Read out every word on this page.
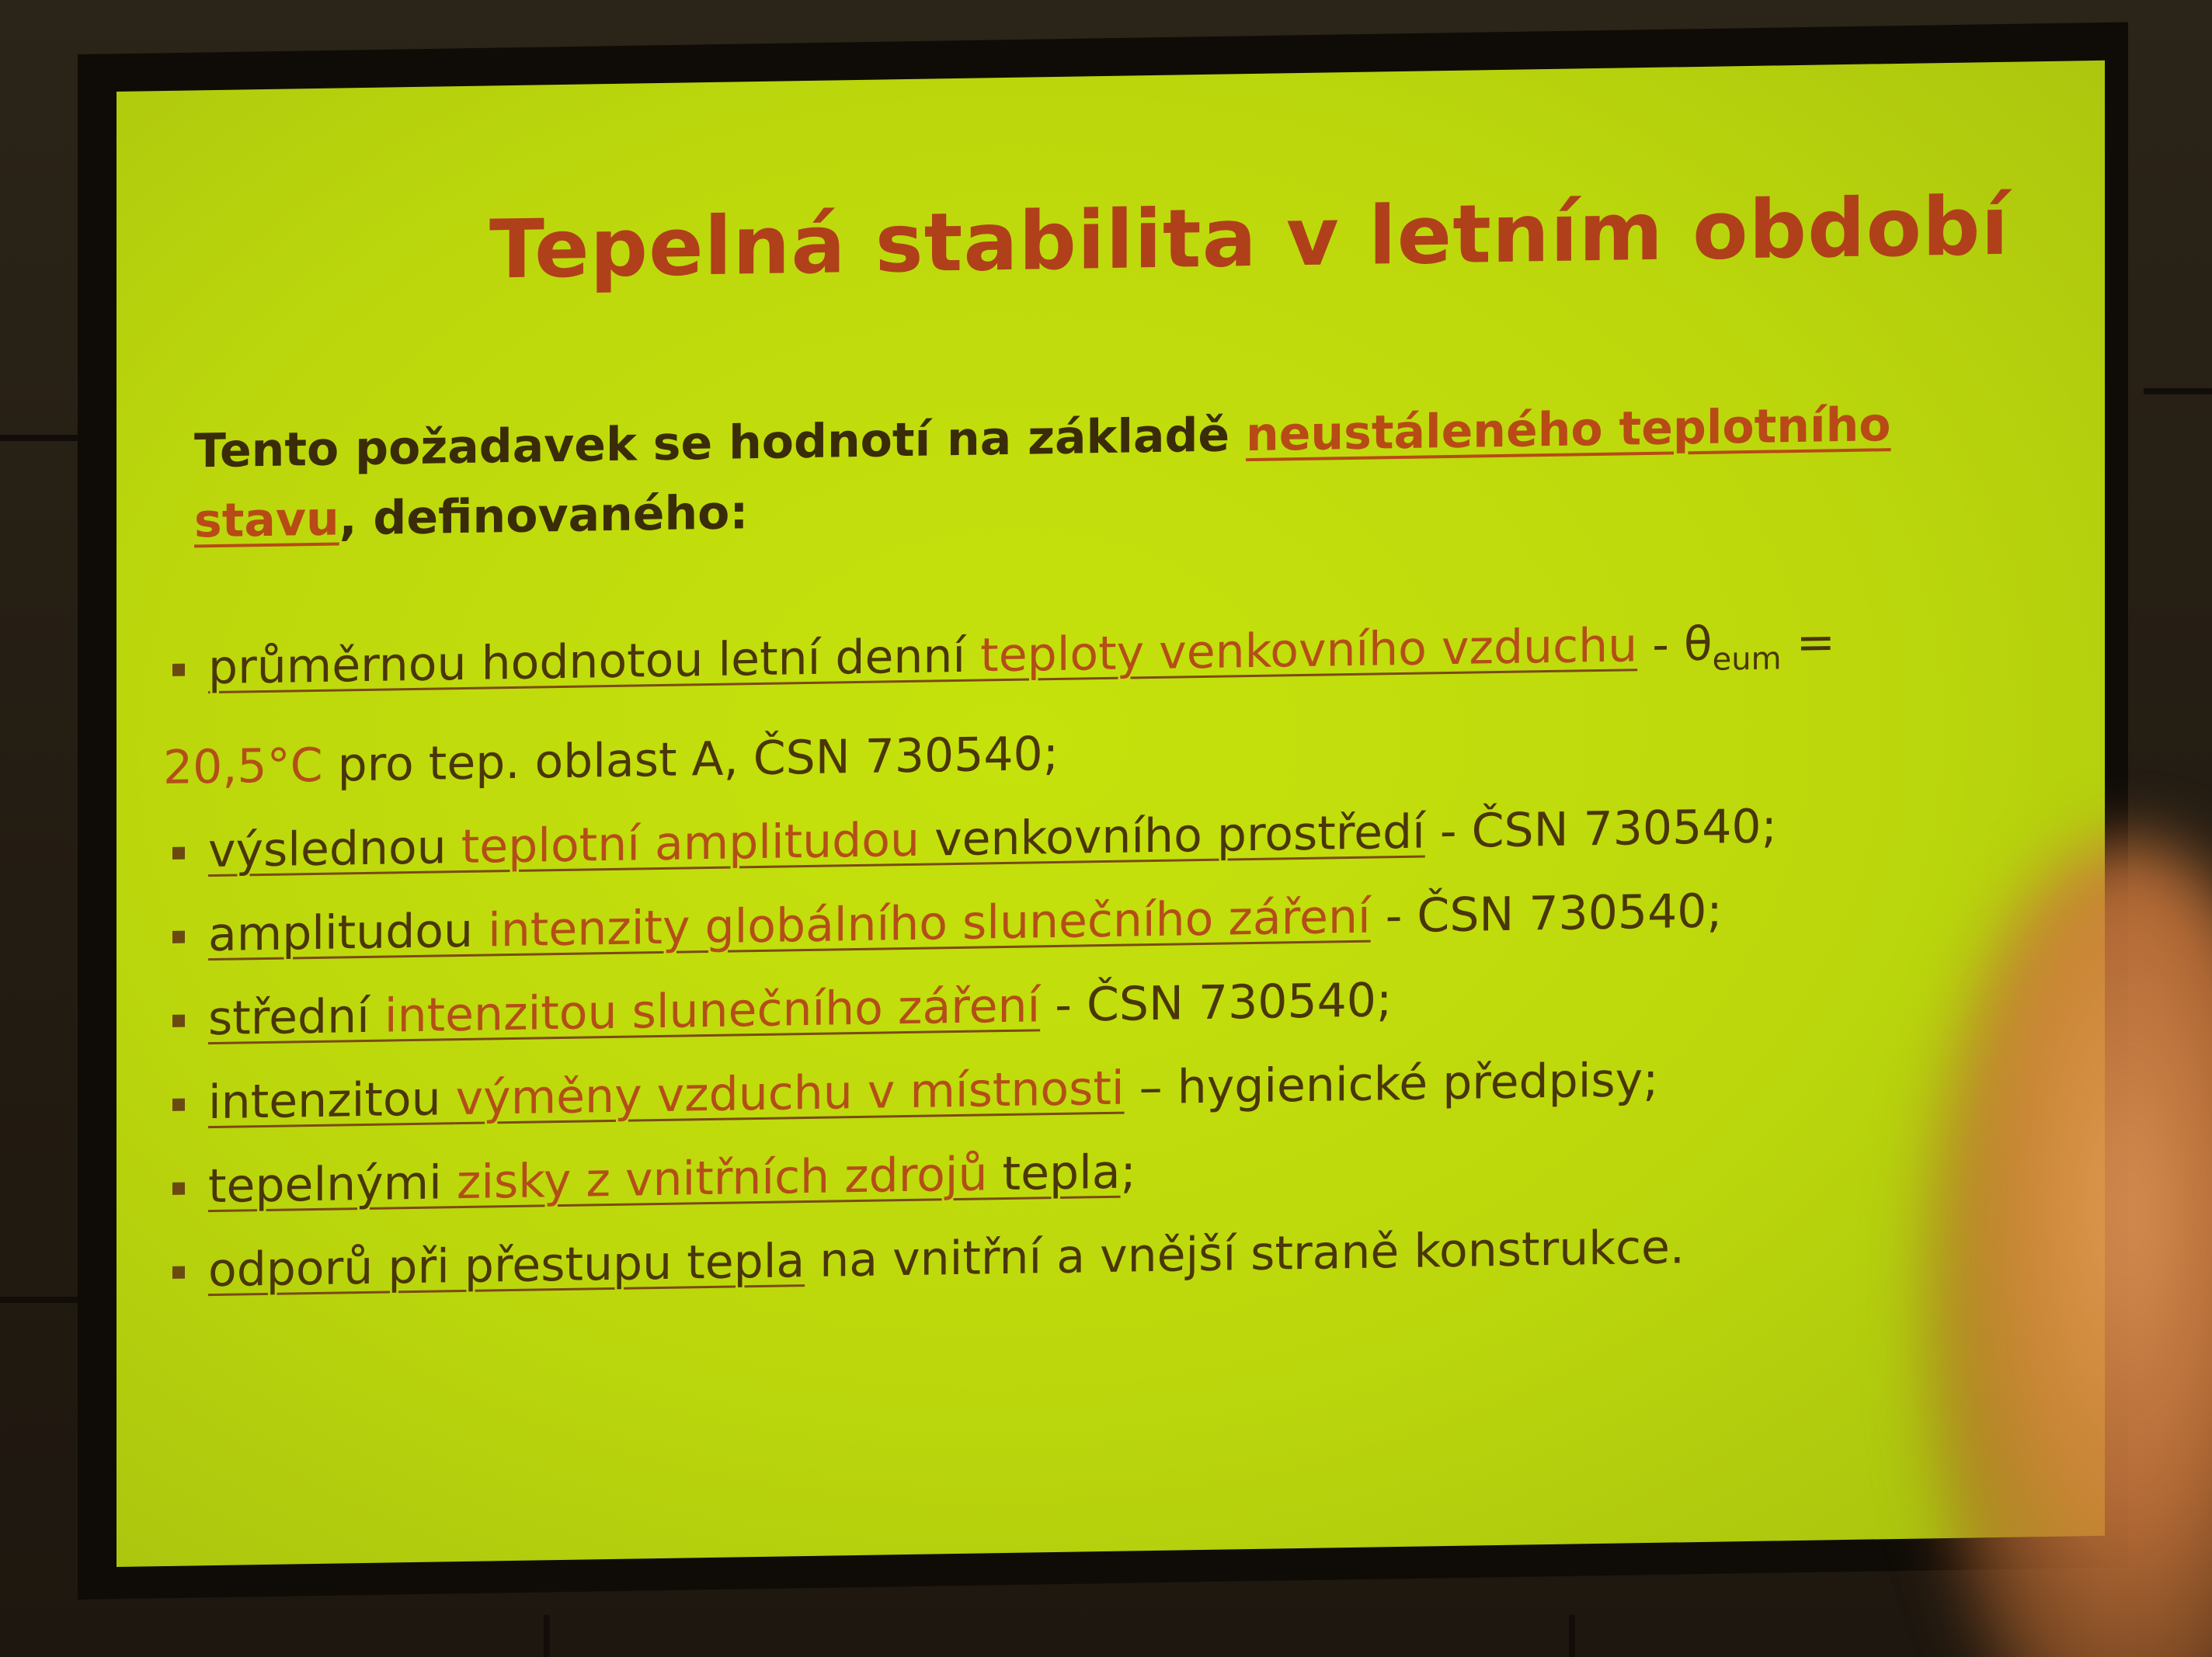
Tepelná stabilita v letním období

Tento požadavek se hodnotí na základě neustáleného teplotního stavu, definovaného:

průměrnou hodnotou letní denní teploty venkovního vzduchu - $\theta_{eum}$ =
20,5°C pro tep. oblast A, ČSN 730540;
výslednou teplotní amplitudou venkovního prostředí - ČSN 730540;
amplitudou intenzity globálního slunečního záření - ČSN 730540;
střední intenzitou slunečního záření - ČSN 730540;
intenzitou výměny vzduchu v místnosti – hygienické předpisy;
tepelnými zisky z vnitřních zdrojů tepla;
odporů při přestupu tepla na vnitřní a vnější straně konstrukce.
